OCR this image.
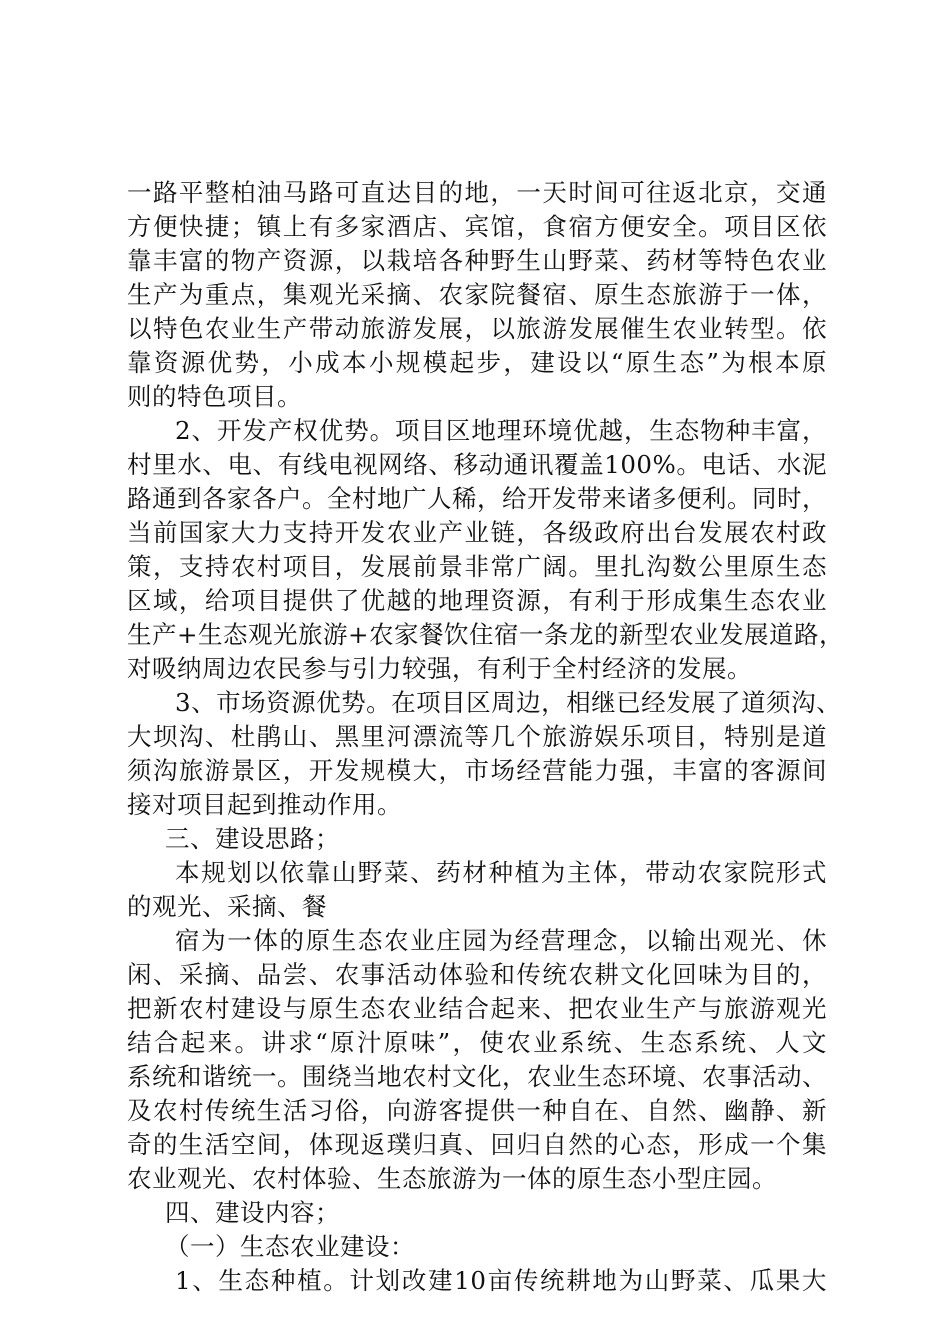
一路平整柏油马路可直达目的地，一天时间可往返北京，交通
方便快捷；镇上有多家酒店、宾馆，食宿方便安全。项目区依
靠丰富的物产资源，以栽培各种野生山野菜、药材等特色农业
生产为重点，集观光采摘、农家院餐宿、原生态旅游于一体，
以特色农业生产带动旅游发展，以旅游发展催生农业转型。依
靠资源优势，小成本小规模起步，建设以“原生态”为根本原
则的特色项目。
2、开发产权优势。项目区地理环境优越，生态物种丰富，
村里水、电、有线电视网络、移动通讯覆盖100%。电话、水泥
路通到各家各户。全村地广人稀，给开发带来诸多便利。同时，
当前国家大力支持开发农业产业链，各级政府出台发展农村政
策，支持农村项目，发展前景非常广阔。里扎沟数公里原生态
区域，给项目提供了优越的地理资源，有利于形成集生态农业
生产+生态观光旅游+农家餐饮住宿一条龙的新型农业发展道路，
对吸纳周边农民参与引力较强，有利于全村经济的发展。
3、市场资源优势。在项目区周边，相继已经发展了道须沟、
大坝沟、杜鹃山、黑里河漂流等几个旅游娱乐项目，特别是道
须沟旅游景区，开发规模大，市场经营能力强，丰富的客源间
接对项目起到推动作用。
三、建设思路；
本规划以依靠山野菜、药材种植为主体，带动农家院形式
的观光、采摘、餐
宿为一体的原生态农业庄园为经营理念，以输出观光、休
闲、采摘、品尝、农事活动体验和传统农耕文化回味为目的，
把新农村建设与原生态农业结合起来、把农业生产与旅游观光
结合起来。讲求“原汁原味”，使农业系统、生态系统、人文
系统和谐统一。围绕当地农村文化，农业生态环境、农事活动、
及农村传统生活习俗，向游客提供一种自在、自然、幽静、新
奇的生活空间，体现返璞归真、回归自然的心态，形成一个集
农业观光、农村体验、生态旅游为一体的原生态小型庄园。
四、建设内容；
（一）生态农业建设：
1、生态种植。计划改建10亩传统耕地为山野菜、瓜果大
